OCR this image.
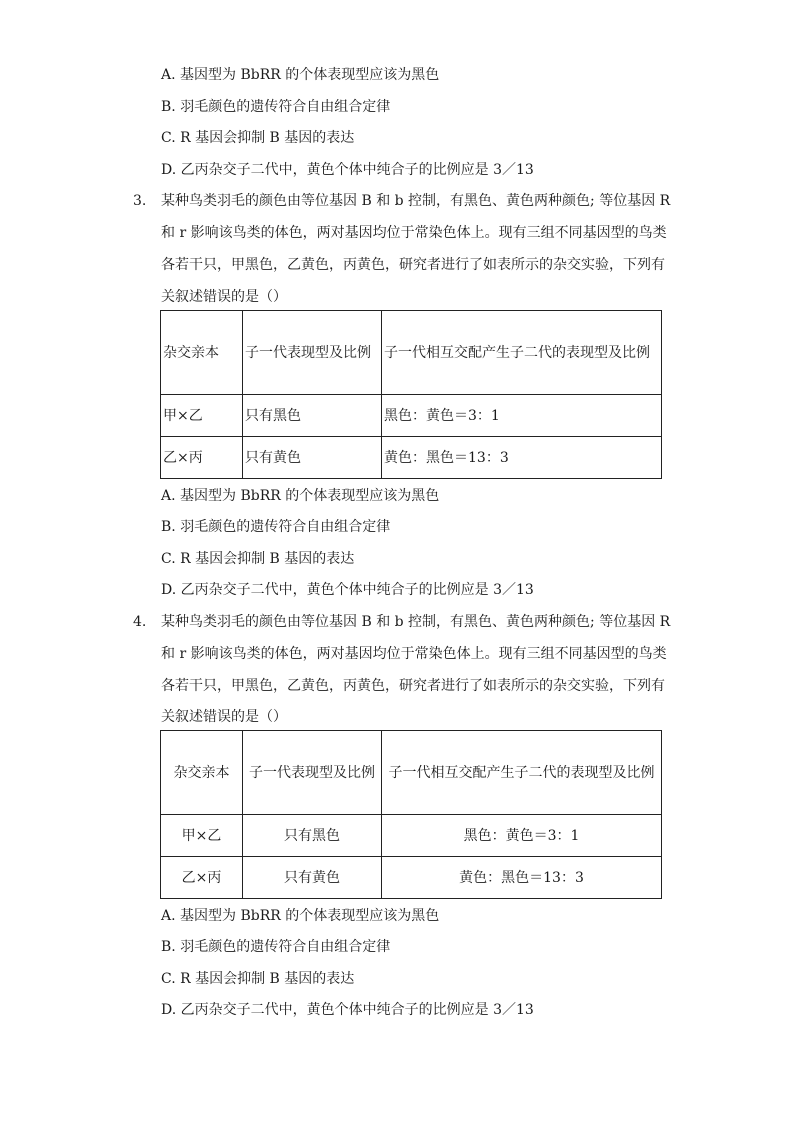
A. 基因型为 BbRR 的个体表现型应该为黑色
B. 羽毛颜色的遗传符合自由组合定律
C. R 基因会抑制 B 基因的表达
D. 乙丙杂交子二代中，黄色个体中纯合子的比例应是 3／13
3. 某种鸟类羽毛的颜色由等位基因 B 和 b 控制，有黑色、黄色两种颜色; 等位基因 R
和 r 影响该鸟类的体色，两对基因均位于常染色体上。现有三组不同基因型的鸟类
各若干只，甲黑色，乙黄色，丙黄色，研究者进行了如表所示的杂交实验，下列有
关叙述错误的是（）
杂交亲本	子一代表现型及比例	子一代相互交配产生子二代的表现型及比例
甲×乙	只有黑色	黑色：黄色＝3：1
乙×丙	只有黄色	黄色：黑色＝13：3
A. 基因型为 BbRR 的个体表现型应该为黑色
B. 羽毛颜色的遗传符合自由组合定律
C. R 基因会抑制 B 基因的表达
D. 乙丙杂交子二代中，黄色个体中纯合子的比例应是 3／13
4. 某种鸟类羽毛的颜色由等位基因 B 和 b 控制，有黑色、黄色两种颜色; 等位基因 R
和 r 影响该鸟类的体色，两对基因均位于常染色体上。现有三组不同基因型的鸟类
各若干只，甲黑色，乙黄色，丙黄色，研究者进行了如表所示的杂交实验，下列有
关叙述错误的是（）
杂交亲本	子一代表现型及比例	子一代相互交配产生子二代的表现型及比例
甲×乙	只有黑色	黑色：黄色＝3：1
乙×丙	只有黄色	黄色：黑色＝13：3
A. 基因型为 BbRR 的个体表现型应该为黑色
B. 羽毛颜色的遗传符合自由组合定律
C. R 基因会抑制 B 基因的表达
D. 乙丙杂交子二代中，黄色个体中纯合子的比例应是 3／13
